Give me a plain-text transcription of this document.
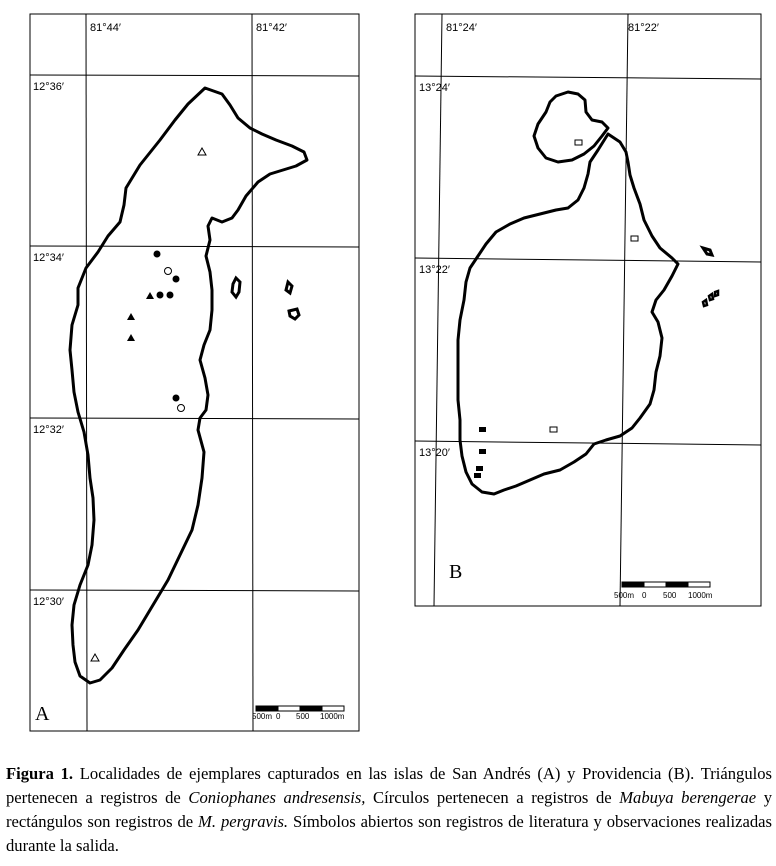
81°44′	81°42′
12°36′
12°34′
12°32′
12°30′
500m 0 500 1000m
A
81°24′	81°22′
13°24′
13°22′
13°20′
500m 0 500 1000m
B
Figura 1. Localidades de ejemplares capturados en las islas de San Andrés (A) y Providencia (B). Triángulos pertenecen a registros de Coniophanes andresensis, Círculos pertenecen a registros de Mabuya berengerae y rectángulos son registros de M. pergravis. Símbolos abiertos son registros de literatura y observaciones realizadas durante la salida.
